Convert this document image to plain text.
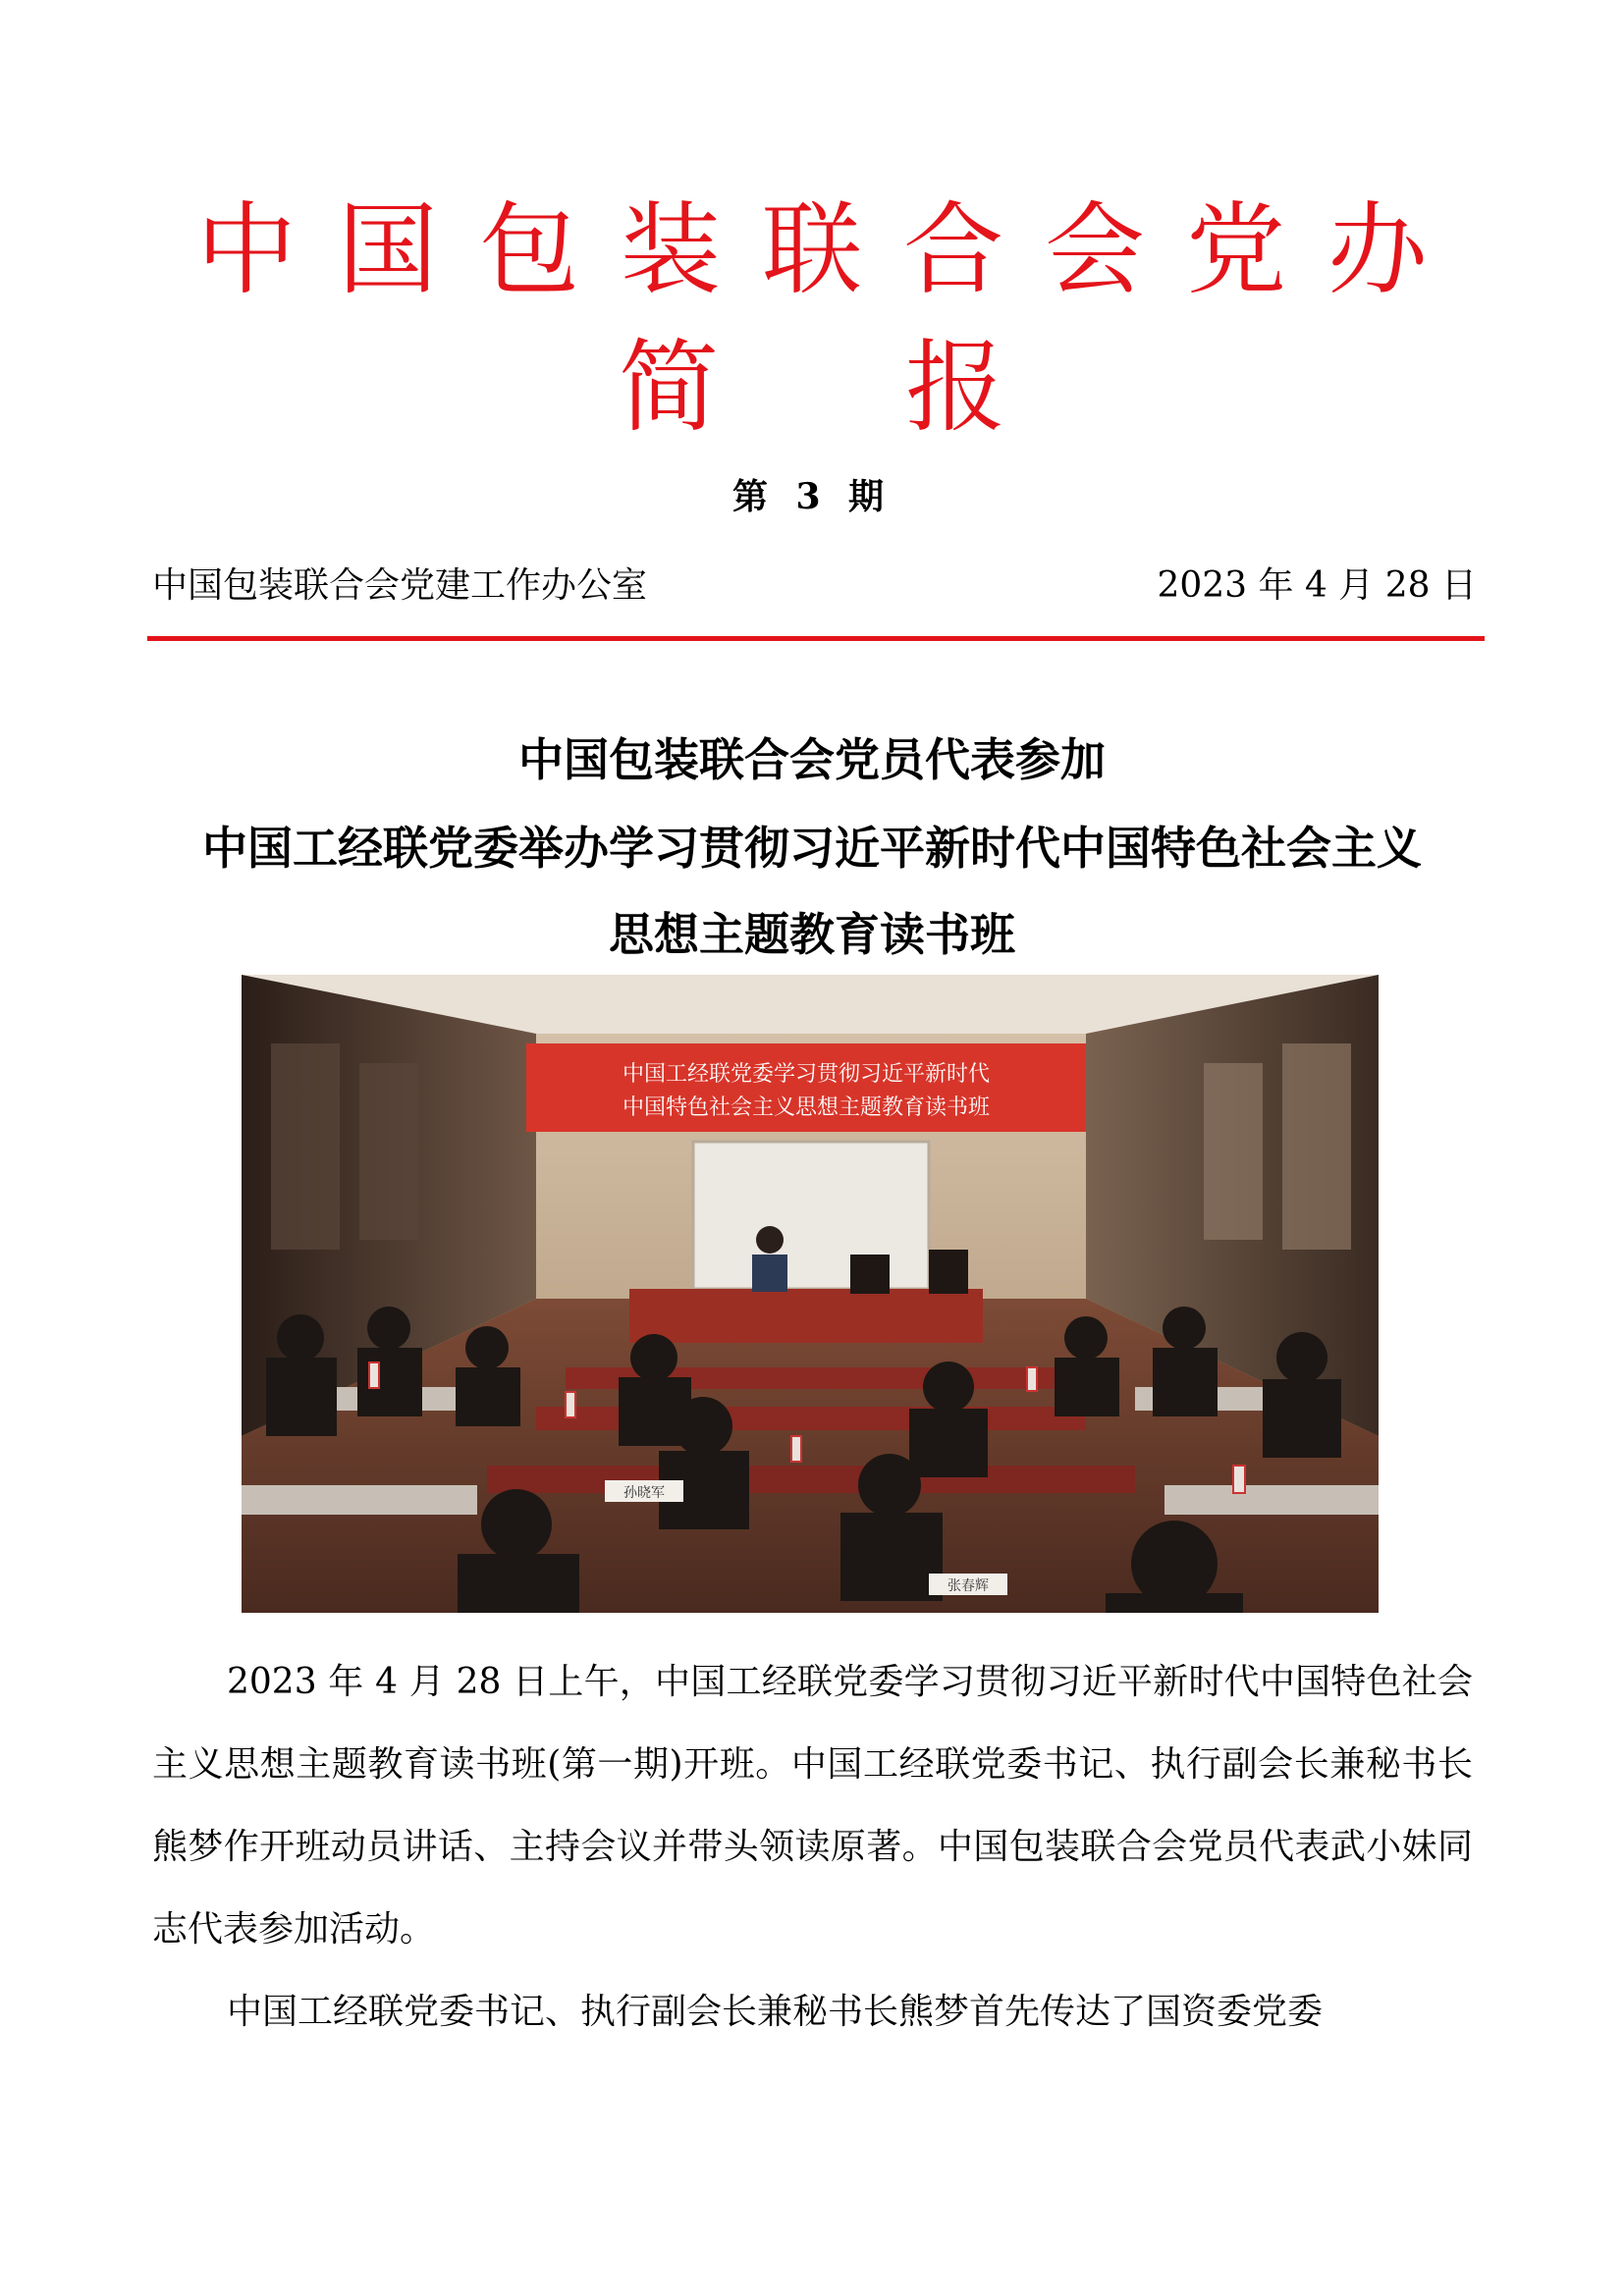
中国包装联合会党办
简报
第 3 期
中国包装联合会党建工作办公室	2023 年 4 月 28 日
中国包装联合会党员代表参加
中国工经联党委举办学习贯彻习近平新时代中国特色社会主义
思想主题教育读书班
中国工经联党委学习贯彻习近平新时代
中国特色社会主义思想主题教育读书班
孙晓军
张春辉
2023 年 4 月 28 日上午，中国工经联党委学习贯彻习近平新时代中国特色社会主义思想主题教育读书班(第一期)开班。中国工经联党委书记、执行副会长兼秘书长熊梦作开班动员讲话、主持会议并带头领读原著。中国包装联合会党员代表武小妹同志代表参加活动。
中国工经联党委书记、执行副会长兼秘书长熊梦首先传达了国资委党委
